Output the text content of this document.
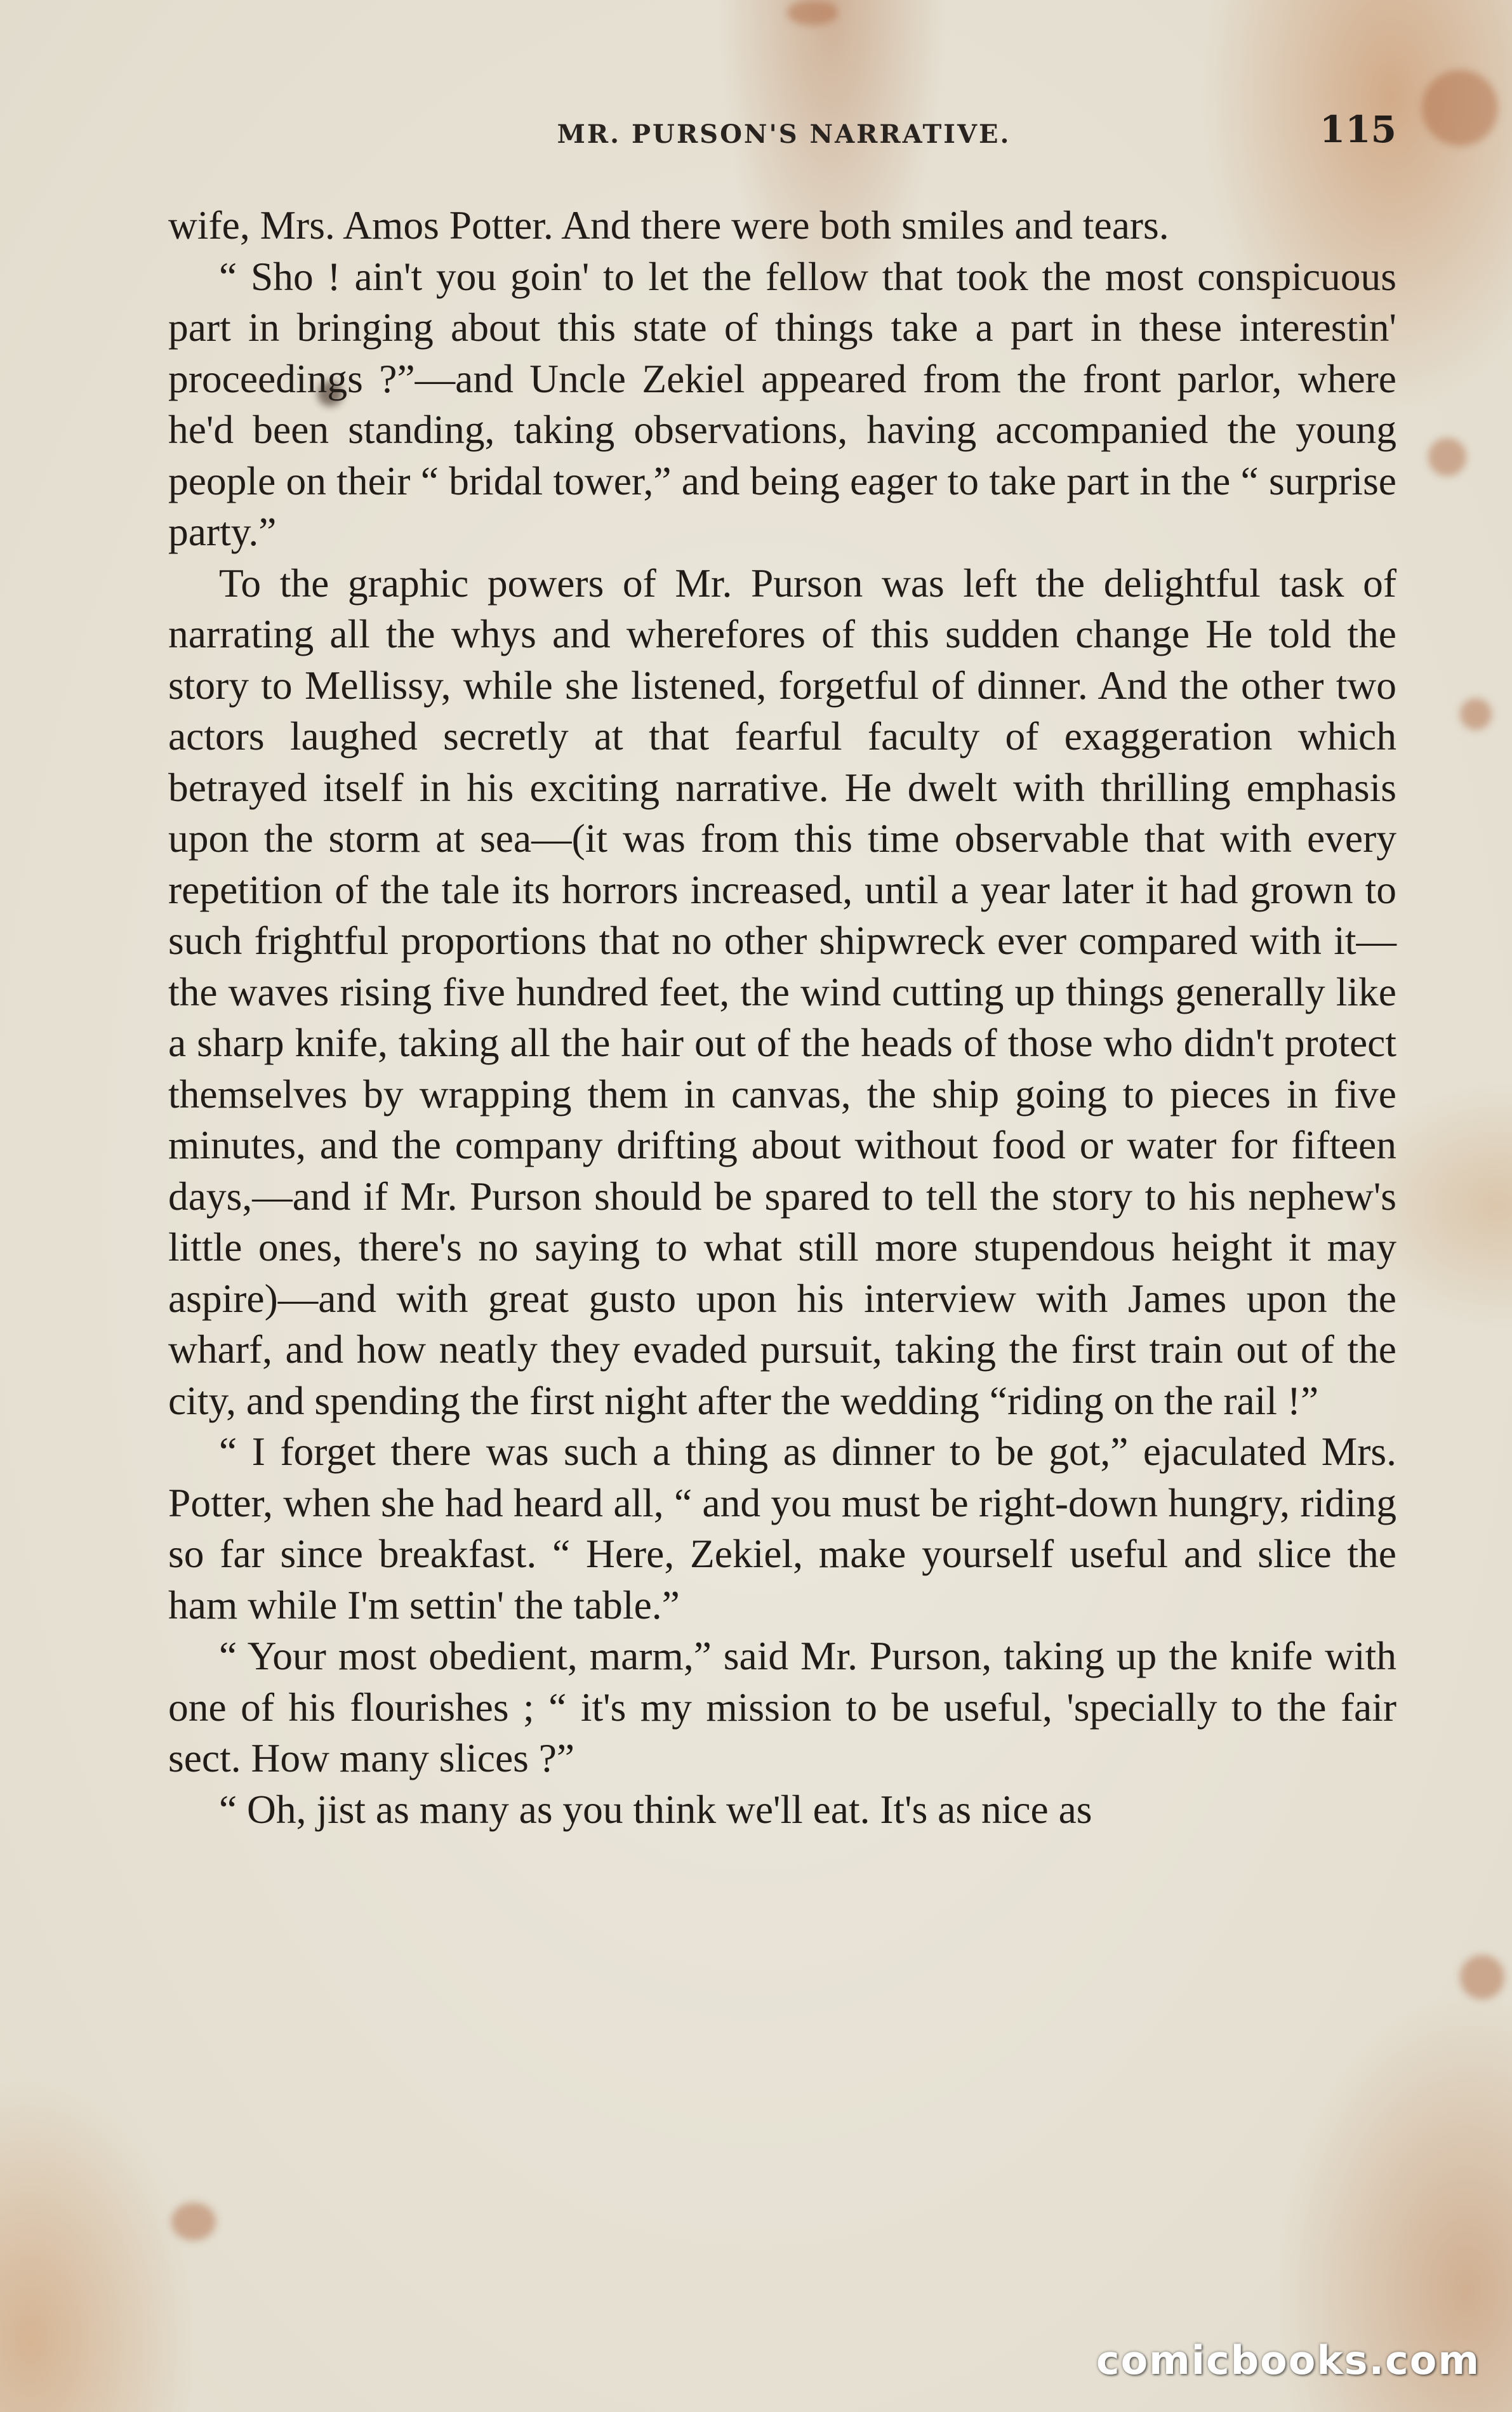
MR. PURSON'S NARRATIVE.	115

wife, Mrs. Amos Potter. And there were both smiles and tears.

“ Sho ! ain't you goin' to let the fellow that took the most conspicuous part in bringing about this state of things take a part in these interestin' proceedings ?”—and Uncle Zekiel appeared from the front parlor, where he'd been standing, taking observations, having accompanied the young people on their “ bridal tower,” and being eager to take part in the “ surprise party.”

To the graphic powers of Mr. Purson was left the delightful task of narrating all the whys and wherefores of this sudden change He told the story to Mellissy, while she listened, forgetful of dinner. And the other two actors laughed secretly at that fearful faculty of exaggeration which betrayed itself in his exciting narrative. He dwelt with thrilling emphasis upon the storm at sea—(it was from this time observable that with every repetition of the tale its horrors increased, until a year later it had grown to such frightful proportions that no other shipwreck ever compared with it—the waves rising five hundred feet, the wind cutting up things generally like a sharp knife, taking all the hair out of the heads of those who didn't protect themselves by wrapping them in canvas, the ship going to pieces in five minutes, and the company drifting about without food or water for fifteen days,—and if Mr. Purson should be spared to tell the story to his nephew's little ones, there's no saying to what still more stupendous height it may aspire)—and with great gusto upon his interview with James upon the wharf, and how neatly they evaded pursuit, taking the first train out of the city, and spending the first night after the wedding “riding on the rail !”

“ I forget there was such a thing as dinner to be got,” ejaculated Mrs. Potter, when she had heard all, “ and you must be right-down hungry, riding so far since breakfast. “ Here, Zekiel, make yourself useful and slice the ham while I'm settin' the table.”

“ Your most obedient, marm,” said Mr. Purson, taking up the knife with one of his flourishes ; “ it's my mission to be useful, 'specially to the fair sect. How many slices ?”

“ Oh, jist as many as you think we'll eat. It's as nice as

comicbooks.com
